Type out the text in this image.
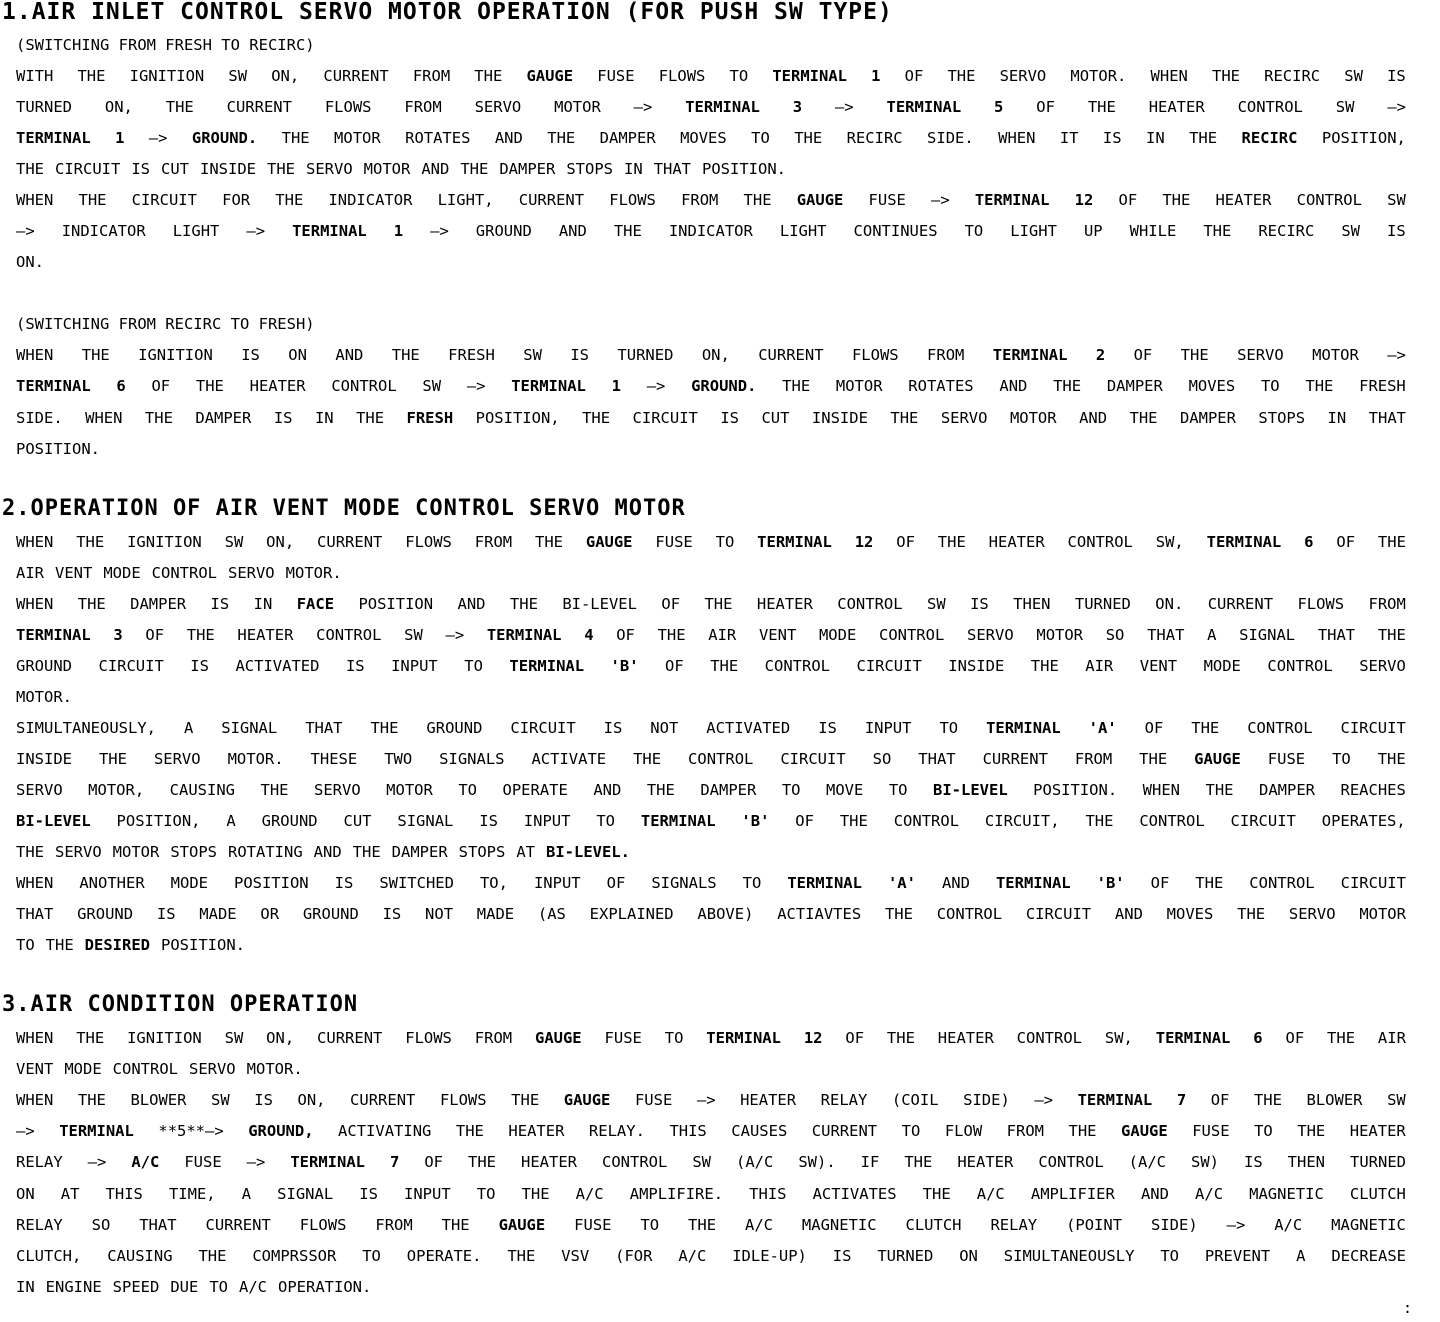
1.AIR INLET CONTROL SERVO MOTOR OPERATION (FOR PUSH SW TYPE)
(SWITCHING FROM FRESH TO RECIRC)
WITH THE IGNITION SW ON, CURRENT FROM THE GAUGE FUSE FLOWS TO TERMINAL 1 OF THE SERVO MOTOR. WHEN THE RECIRC SW IS
TURNED ON, THE CURRENT FLOWS FROM SERVO MOTOR —> TERMINAL 3 —> TERMINAL 5 OF THE HEATER CONTROL SW —>
TERMINAL 1 —> GROUND. THE MOTOR ROTATES AND THE DAMPER MOVES TO THE RECIRC SIDE. WHEN IT IS IN THE RECIRC POSITION,
THE CIRCUIT IS CUT INSIDE THE SERVO MOTOR AND THE DAMPER STOPS IN THAT POSITION.
WHEN THE CIRCUIT FOR THE INDICATOR LIGHT, CURRENT FLOWS FROM THE GAUGE FUSE —> TERMINAL 12 OF THE HEATER CONTROL SW
—> INDICATOR LIGHT —> TERMINAL 1 —> GROUND AND THE INDICATOR LIGHT CONTINUES TO LIGHT UP WHILE THE RECIRC SW IS
ON.
(SWITCHING FROM RECIRC TO FRESH)
WHEN THE IGNITION IS ON AND THE FRESH SW IS TURNED ON, CURRENT FLOWS FROM TERMINAL 2 OF THE SERVO MOTOR —>
TERMINAL 6 OF THE HEATER CONTROL SW —> TERMINAL 1 —> GROUND. THE MOTOR ROTATES AND THE DAMPER MOVES TO THE FRESH
SIDE. WHEN THE DAMPER IS IN THE FRESH POSITION, THE CIRCUIT IS CUT INSIDE THE SERVO MOTOR AND THE DAMPER STOPS IN THAT
POSITION.
2.OPERATION OF AIR VENT MODE CONTROL SERVO MOTOR
WHEN THE IGNITION SW ON, CURRENT FLOWS FROM THE GAUGE FUSE TO TERMINAL 12 OF THE HEATER CONTROL SW, TERMINAL 6 OF THE
AIR VENT MODE CONTROL SERVO MOTOR.
WHEN THE DAMPER IS IN FACE POSITION AND THE BI-LEVEL OF THE HEATER CONTROL SW IS THEN TURNED ON. CURRENT FLOWS FROM
TERMINAL 3 OF THE HEATER CONTROL SW —> TERMINAL 4 OF THE AIR VENT MODE CONTROL SERVO MOTOR SO THAT A SIGNAL THAT THE
GROUND CIRCUIT IS ACTIVATED IS INPUT TO TERMINAL 'B' OF THE CONTROL CIRCUIT INSIDE THE AIR VENT MODE CONTROL SERVO
MOTOR.
SIMULTANEOUSLY, A SIGNAL THAT THE GROUND CIRCUIT IS NOT ACTIVATED IS INPUT TO TERMINAL 'A' OF THE CONTROL CIRCUIT
INSIDE THE SERVO MOTOR. THESE TWO SIGNALS ACTIVATE THE CONTROL CIRCUIT SO THAT CURRENT FROM THE GAUGE FUSE TO THE
SERVO MOTOR, CAUSING THE SERVO MOTOR TO OPERATE AND THE DAMPER TO MOVE TO BI-LEVEL POSITION. WHEN THE DAMPER REACHES
BI-LEVEL POSITION, A GROUND CUT SIGNAL IS INPUT TO TERMINAL 'B' OF THE CONTROL CIRCUIT, THE CONTROL CIRCUIT OPERATES,
THE SERVO MOTOR STOPS ROTATING AND THE DAMPER STOPS AT BI-LEVEL.
WHEN ANOTHER MODE POSITION IS SWITCHED TO, INPUT OF SIGNALS TO TERMINAL 'A' AND TERMINAL 'B' OF THE CONTROL CIRCUIT
THAT GROUND IS MADE OR GROUND IS NOT MADE (AS EXPLAINED ABOVE) ACTIAVTES THE CONTROL CIRCUIT AND MOVES THE SERVO MOTOR
TO THE DESIRED POSITION.
3.AIR CONDITION OPERATION
WHEN THE IGNITION SW ON, CURRENT FLOWS FROM GAUGE FUSE TO TERMINAL 12 OF THE HEATER CONTROL SW, TERMINAL 6 OF THE AIR
VENT MODE CONTROL SERVO MOTOR.
WHEN THE BLOWER SW IS ON, CURRENT FLOWS THE GAUGE FUSE —> HEATER RELAY (COIL SIDE) —> TERMINAL 7 OF THE BLOWER SW
—> TERMINAL **5**—> GROUND, ACTIVATING THE HEATER RELAY. THIS CAUSES CURRENT TO FLOW FROM THE GAUGE FUSE TO THE HEATER
RELAY —> A/C FUSE —> TERMINAL 7 OF THE HEATER CONTROL SW (A/C SW). IF THE HEATER CONTROL (A/C SW) IS THEN TURNED
ON AT THIS TIME, A SIGNAL IS INPUT TO THE A/C AMPLIFIRE. THIS ACTIVATES THE A/C AMPLIFIER AND A/C MAGNETIC CLUTCH
RELAY SO THAT CURRENT FLOWS FROM THE GAUGE FUSE TO THE A/C MAGNETIC CLUTCH RELAY (POINT SIDE) —> A/C MAGNETIC
CLUTCH, CAUSING THE COMPRSSOR TO OPERATE. THE VSV (FOR A/C IDLE-UP) IS TURNED ON SIMULTANEOUSLY TO PREVENT A DECREASE
IN ENGINE SPEED DUE TO A/C OPERATION.
:
